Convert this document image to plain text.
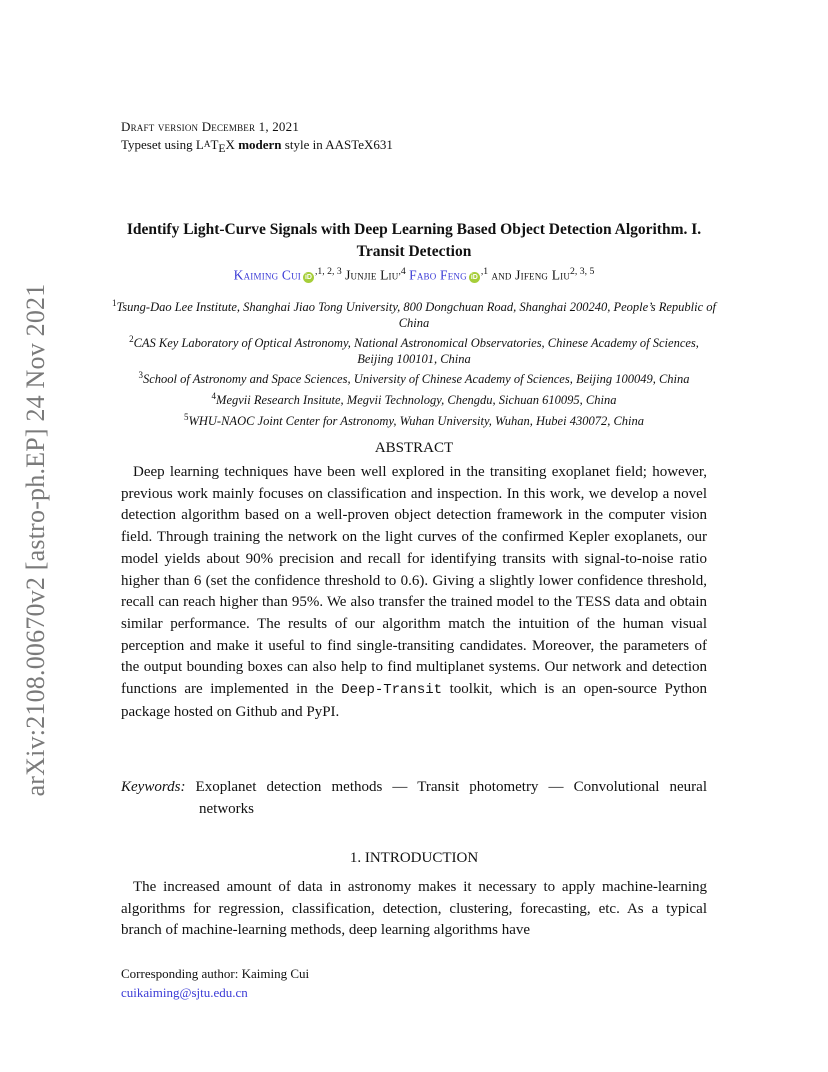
arXiv:2108.00670v2 [astro-ph.EP] 24 Nov 2021
Draft version December 1, 2021
Typeset using LATEX modern style in AASTeX631
Identify Light-Curve Signals with Deep Learning Based Object Detection Algorithm. I. Transit Detection
Kaiming Cui iD $^{,1, 2, 3}$ Junjie Liu$^{,4}$ Fabo Feng iD $^{,1}$ and Jifeng Liu$^{2, 3, 5}$
$^1$Tsung-Dao Lee Institute, Shanghai Jiao Tong University, 800 Dongchuan Road, Shanghai 200240, People’s Republic of China
$^2$CAS Key Laboratory of Optical Astronomy, National Astronomical Observatories, Chinese Academy of Sciences, Beijing 100101, China
$^3$School of Astronomy and Space Sciences, University of Chinese Academy of Sciences, Beijing 100049, China
$^4$Megvii Research Insitute, Megvii Technology, Chengdu, Sichuan 610095, China
$^5$WHU-NAOC Joint Center for Astronomy, Wuhan University, Wuhan, Hubei 430072, China
ABSTRACT
Deep learning techniques have been well explored in the transiting exoplanet field; however, previous work mainly focuses on classification and inspection. In this work, we develop a novel detection algorithm based on a well-proven object detection framework in the computer vision field. Through training the network on the light curves of the confirmed Kepler exoplanets, our model yields about 90% precision and recall for identifying transits with signal-to-noise ratio higher than 6 (set the confidence threshold to 0.6). Giving a slightly lower confidence threshold, recall can reach higher than 95%. We also transfer the trained model to the TESS data and obtain similar performance. The results of our algorithm match the intuition of the human visual perception and make it useful to find single-transiting candidates. Moreover, the parameters of the output bounding boxes can also help to find multiplanet systems. Our network and detection functions are implemented in the Deep-Transit toolkit, which is an open-source Python package hosted on Github and PyPI.
Keywords: Exoplanet detection methods — Transit photometry — Convolutional neural networks
1. INTRODUCTION
The increased amount of data in astronomy makes it necessary to apply machine-learning algorithms for regression, classification, detection, clustering, forecasting, etc. As a typical branch of machine-learning methods, deep learning algorithms have
Corresponding author: Kaiming Cui
cuikaiming@sjtu.edu.cn
